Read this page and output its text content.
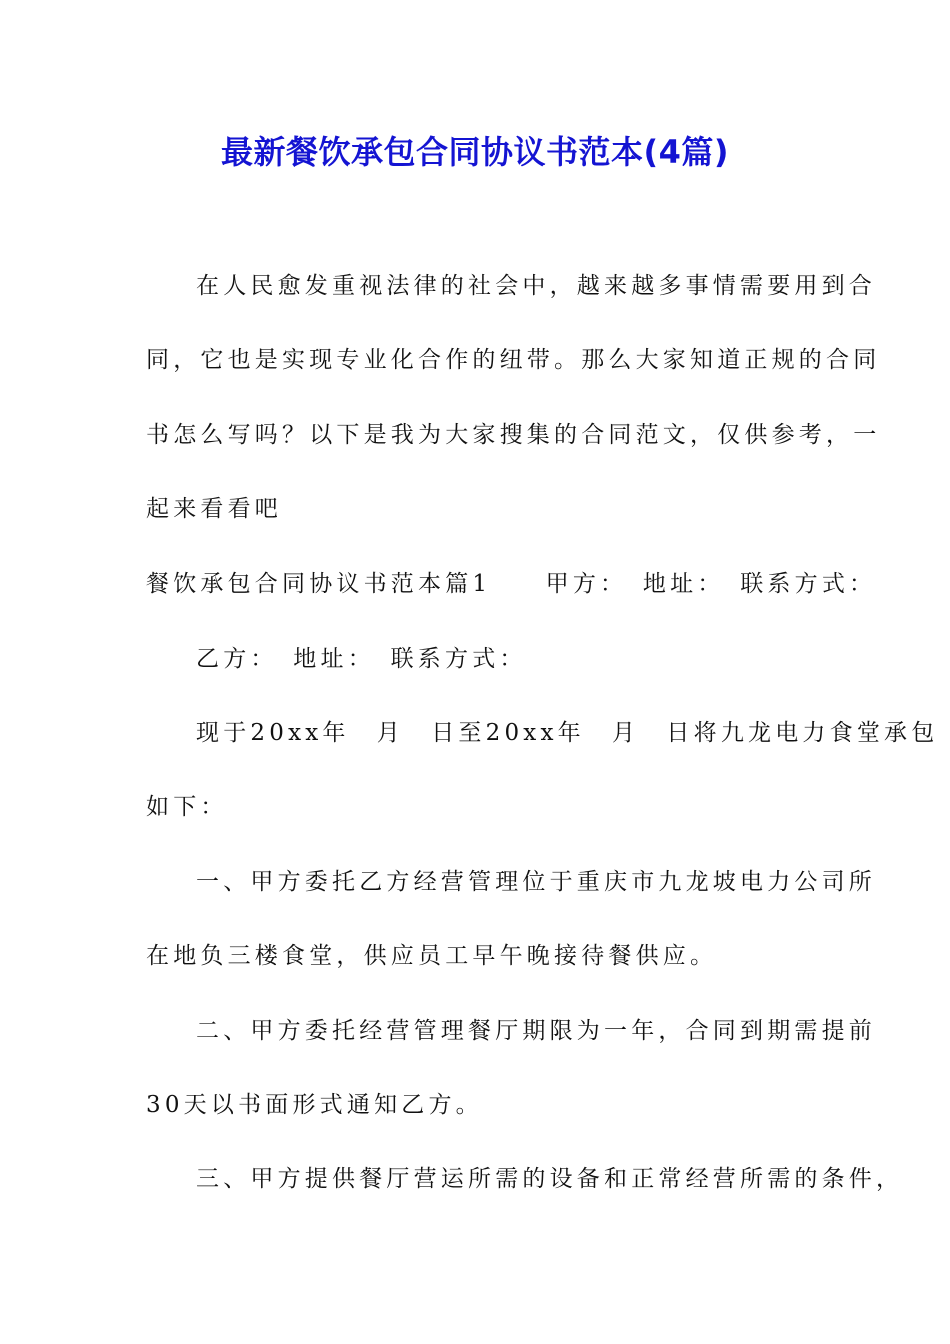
最新餐饮承包合同协议书范本(4篇)
在人民愈发重视法律的社会中，越来越多事情需要用到合
同，它也是实现专业化合作的纽带。那么大家知道正规的合同
书怎么写吗？以下是我为大家搜集的合同范文，仅供参考，一
起来看看吧
餐饮承包合同协议书范本篇1　　甲方：　地址：　联系方式：
乙方：　地址：　联系方式：
现于20xx年　月　日至20xx年　月　日将九龙电力食堂承包
如下：
一、甲方委托乙方经营管理位于重庆市九龙坡电力公司所
在地负三楼食堂，供应员工早午晚接待餐供应。
二、甲方委托经营管理餐厅期限为一年，合同到期需提前
30天以书面形式通知乙方。
三、甲方提供餐厅营运所需的设备和正常经营所需的条件，
